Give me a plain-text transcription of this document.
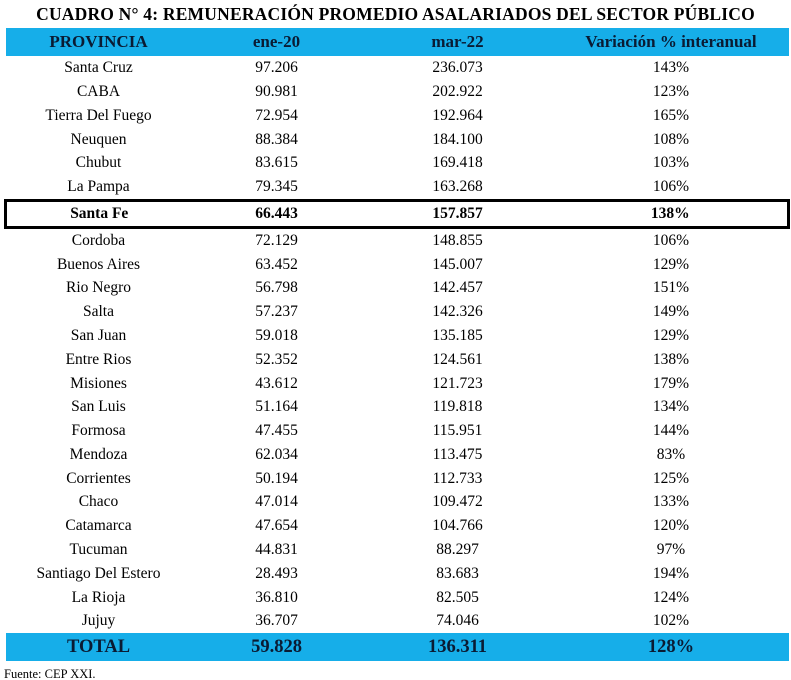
CUADRO N° 4: REMUNERACIÓN PROMEDIO ASALARIADOS DEL SECTOR PÚBLICO
PROVINCIA	ene-20	mar-22	Variación % interanual
Santa Cruz	97.206	236.073	143%
CABA	90.981	202.922	123%
Tierra Del Fuego	72.954	192.964	165%
Neuquen	88.384	184.100	108%
Chubut	83.615	169.418	103%
La Pampa	79.345	163.268	106%
Santa Fe	66.443	157.857	138%
Cordoba	72.129	148.855	106%
Buenos Aires	63.452	145.007	129%
Rio Negro	56.798	142.457	151%
Salta	57.237	142.326	149%
San Juan	59.018	135.185	129%
Entre Rios	52.352	124.561	138%
Misiones	43.612	121.723	179%
San Luis	51.164	119.818	134%
Formosa	47.455	115.951	144%
Mendoza	62.034	113.475	83%
Corrientes	50.194	112.733	125%
Chaco	47.014	109.472	133%
Catamarca	47.654	104.766	120%
Tucuman	44.831	88.297	97%
Santiago Del Estero	28.493	83.683	194%
La Rioja	36.810	82.505	124%
Jujuy	36.707	74.046	102%
TOTAL	59.828	136.311	128%
Fuente: CEP XXI.
